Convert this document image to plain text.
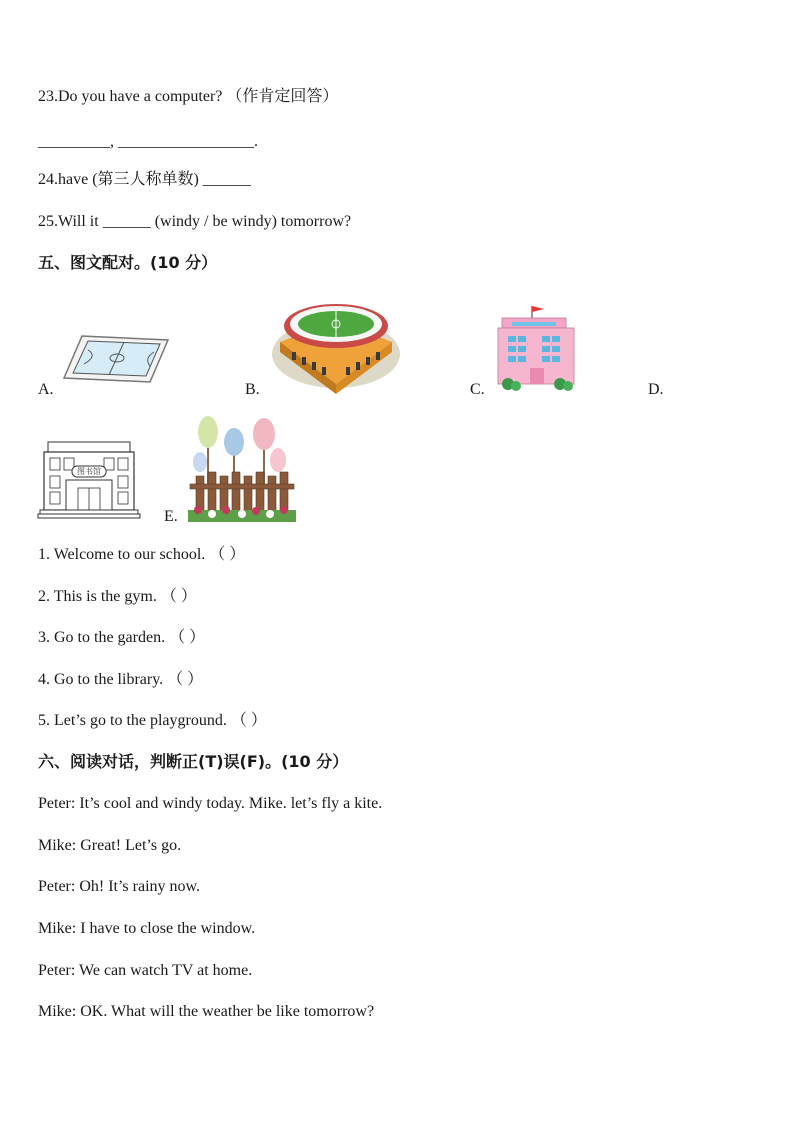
23.Do you have a computer? （作肯定回答）
_________, _________________.
24.have (第三人称单数) ______
25.Will it ______ (windy / be windy) tomorrow?
五、图文配对。(10 分）
A.	B.	C.	D.
E.
图书馆
1. Welcome to our school. （ ）
2. This is the gym. （ ）
3. Go to the garden. （ ）
4. Go to the library. （ ）
5. Let’s go to the playground. （ ）
六、阅读对话，判断正(T)误(F)。(10 分）
Peter: It’s cool and windy today. Mike. let’s fly a kite.
Mike: Great! Let’s go.
Peter: Oh! It’s rainy now.
Mike: I have to close the window.
Peter: We can watch TV at home.
Mike: OK. What will the weather be like tomorrow?
